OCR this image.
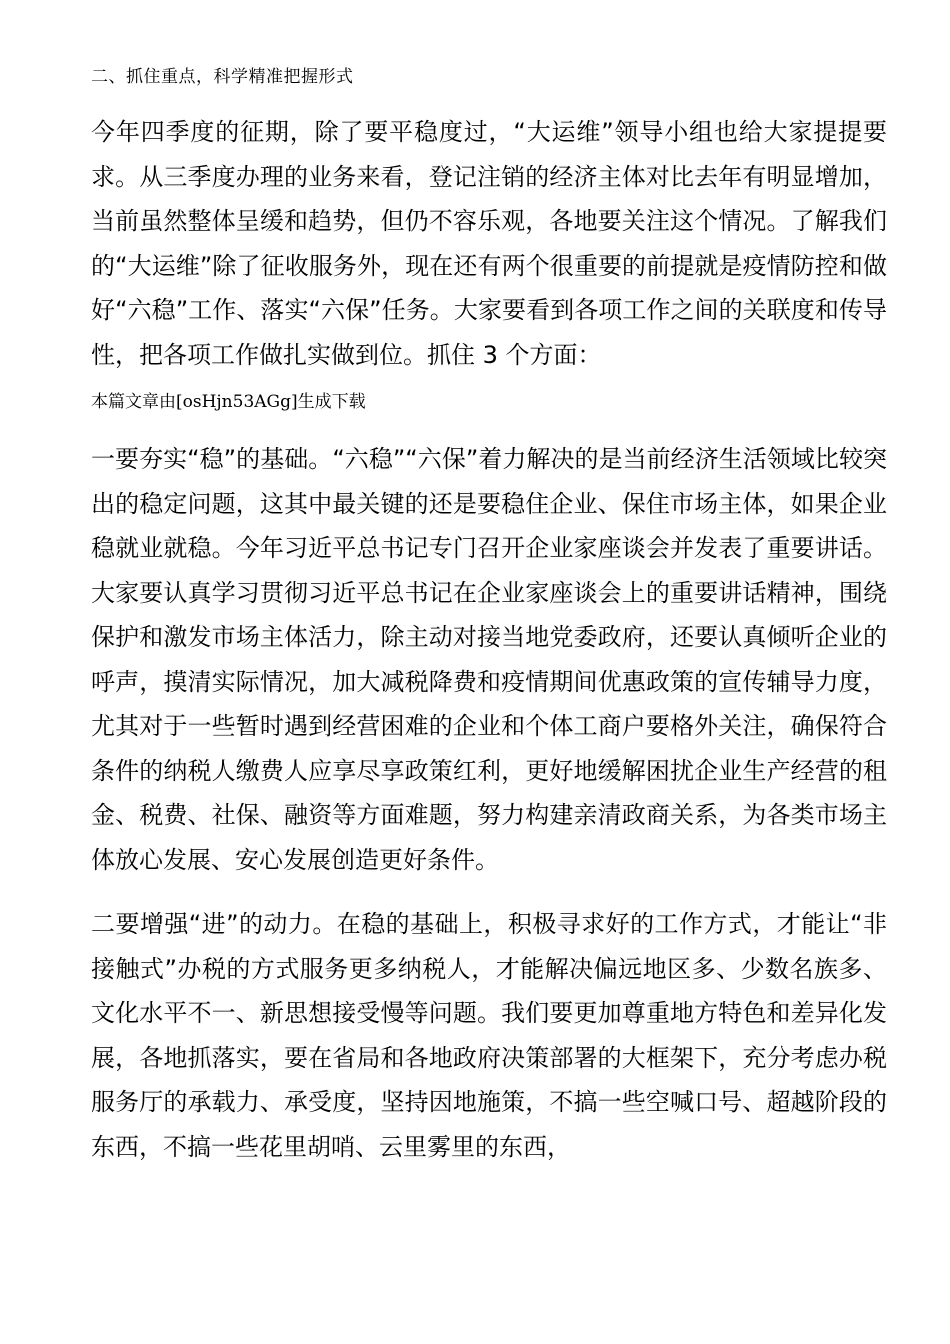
二、抓住重点，科学精准把握形式

今年四季度的征期，除了要平稳度过，“大运维”领导小组也给大家提提要求。从三季度办理的业务来看，登记注销的经济主体对比去年有明显增加，当前虽然整体呈缓和趋势，但仍不容乐观，各地要关注这个情况。了解我们的“大运维”除了征收服务外，现在还有两个很重要的前提就是疫情防控和做好“六稳”工作、落实“六保”任务。大家要看到各项工作之间的关联度和传导性，把各项工作做扎实做到位。抓住 3 个方面：

本篇文章由[osHjn53AGg]生成下载

一要夯实“稳”的基础。“六稳”“六保”着力解决的是当前经济生活领域比较突出的稳定问题，这其中最关键的还是要稳住企业、保住市场主体，如果企业稳就业就稳。今年习近平总书记专门召开企业家座谈会并发表了重要讲话。大家要认真学习贯彻习近平总书记在企业家座谈会上的重要讲话精神，围绕保护和激发市场主体活力，除主动对接当地党委政府，还要认真倾听企业的呼声，摸清实际情况，加大减税降费和疫情期间优惠政策的宣传辅导力度，尤其对于一些暂时遇到经营困难的企业和个体工商户要格外关注，确保符合条件的纳税人缴费人应享尽享政策红利，更好地缓解困扰企业生产经营的租金、税费、社保、融资等方面难题，努力构建亲清政商关系，为各类市场主体放心发展、安心发展创造更好条件。

二要增强“进”的动力。在稳的基础上，积极寻求好的工作方式，才能让“非接触式”办税的方式服务更多纳税人，才能解决偏远地区多、少数名族多、文化水平不一、新思想接受慢等问题。我们要更加尊重地方特色和差异化发展，各地抓落实，要在省局和各地政府决策部署的大框架下，充分考虑办税服务厅的承载力、承受度，坚持因地施策，不搞一些空喊口号、超越阶段的东西，不搞一些花里胡哨、云里雾里的东西，
